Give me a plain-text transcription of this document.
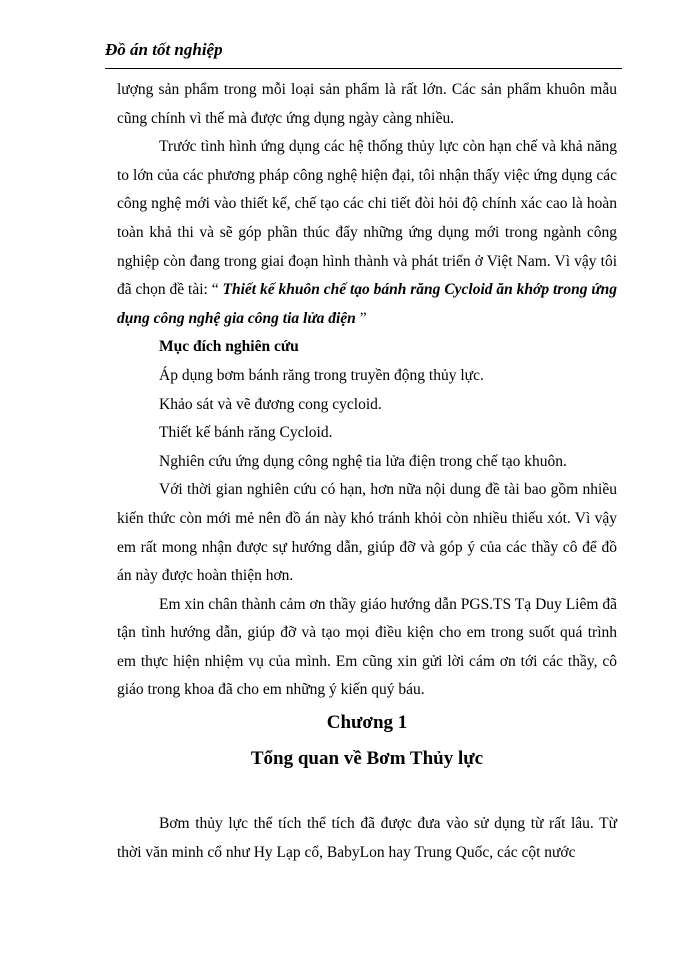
Đồ án tốt nghiệp

lượng sản phẩm trong mỗi loại sản phẩm là rất lớn. Các sản phẩm khuôn mẫu cũng chính vì thế mà được ứng dụng ngày càng nhiều.

Trước tình hình ứng dụng các hệ thống thủy lực còn hạn chế và khả năng to lớn của các phương pháp công nghệ hiện đại, tôi nhận thấy việc ứng dụng các công nghệ mới vào thiết kế, chế tạo các chi tiết đòi hỏi độ chính xác cao là hoàn toàn khả thi và sẽ góp phần thúc đẩy những ứng dụng mới trong ngành công nghiệp còn đang trong giai đoạn hình thành và phát triển ở Việt Nam. Vì vậy tôi đã chọn đề tài: “ Thiết kế khuôn chế tạo bánh răng Cycloid ăn khớp trong ứng dụng công nghệ gia công tia lửa điện ”

Mục đích nghiên cứu

Áp dụng bơm bánh răng trong truyền động thủy lực.

Khảo sát và vẽ đương cong cycloid.

Thiết kế bánh răng Cycloid.

Nghiên cứu ứng dụng công nghệ tia lửa điện trong chế tạo khuôn.

Với thời gian nghiên cứu có hạn, hơn nữa nội dung đề tài bao gồm nhiều kiến thức còn mới mẻ nên đồ án này khó tránh khỏi còn nhiều thiếu xót. Vì vậy em rất mong nhận được sự hướng dẫn, giúp đỡ và góp ý của các thầy cô để đồ án này được hoàn thiện hơn.

Em xin chân thành cảm ơn thầy giáo hướng dẫn PGS.TS Tạ Duy Liêm đã tận tình hướng dẫn, giúp đỡ và tạo mọi điều kiện cho em trong suốt quá trình em thực hiện nhiệm vụ của mình. Em cũng xin gửi lời cám ơn tới các thầy, cô giáo trong khoa đã cho em những ý kiến quý báu.

Chương 1
Tổng quan về Bơm Thủy lực

Bơm thủy lực thể tích thể tích đã được đưa vào sử dụng từ rất lâu. Từ thời văn minh cổ như Hy Lạp cổ, BabyLon hay Trung Quốc, các cột nước
